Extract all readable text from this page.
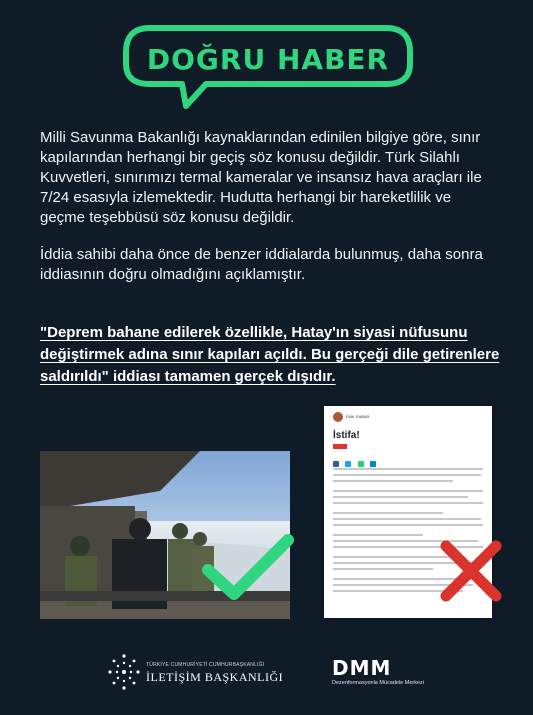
DOĞRU HABER

Milli Savunma Bakanlığı kaynaklarından edinilen bilgiye göre, sınır kapılarından herhangi bir geçiş söz konusu değildir. Türk Silahlı Kuvvetleri, sınırımızı termal kameralar ve insansız hava araçları ile 7/24 esasıyla izlemektedir. Hudutta herhangi bir hareketlilik ve geçme teşebbüsü söz konusu değildir.

İddia sahibi daha önce de benzer iddialarda bulunmuş, daha sonra iddiasının doğru olmadığını açıklamıştır.

"Deprem bahane edilerek özellikle, Hatay'ın siyasi nüfusunu değiştirmek adına sınır kapıları açıldı. Bu gerçeği dile getirenlere saldırıldı" iddiası tamamen gerçek dışıdır.
FAİK SABAR
İstifa!

TÜRKİYE CUMHURİYETİ CUMHURBAŞKANLIĞI
İLETİŞİM BAŞKANLIĞI DMM
Dezenformasyonla Mücadele Merkezi
